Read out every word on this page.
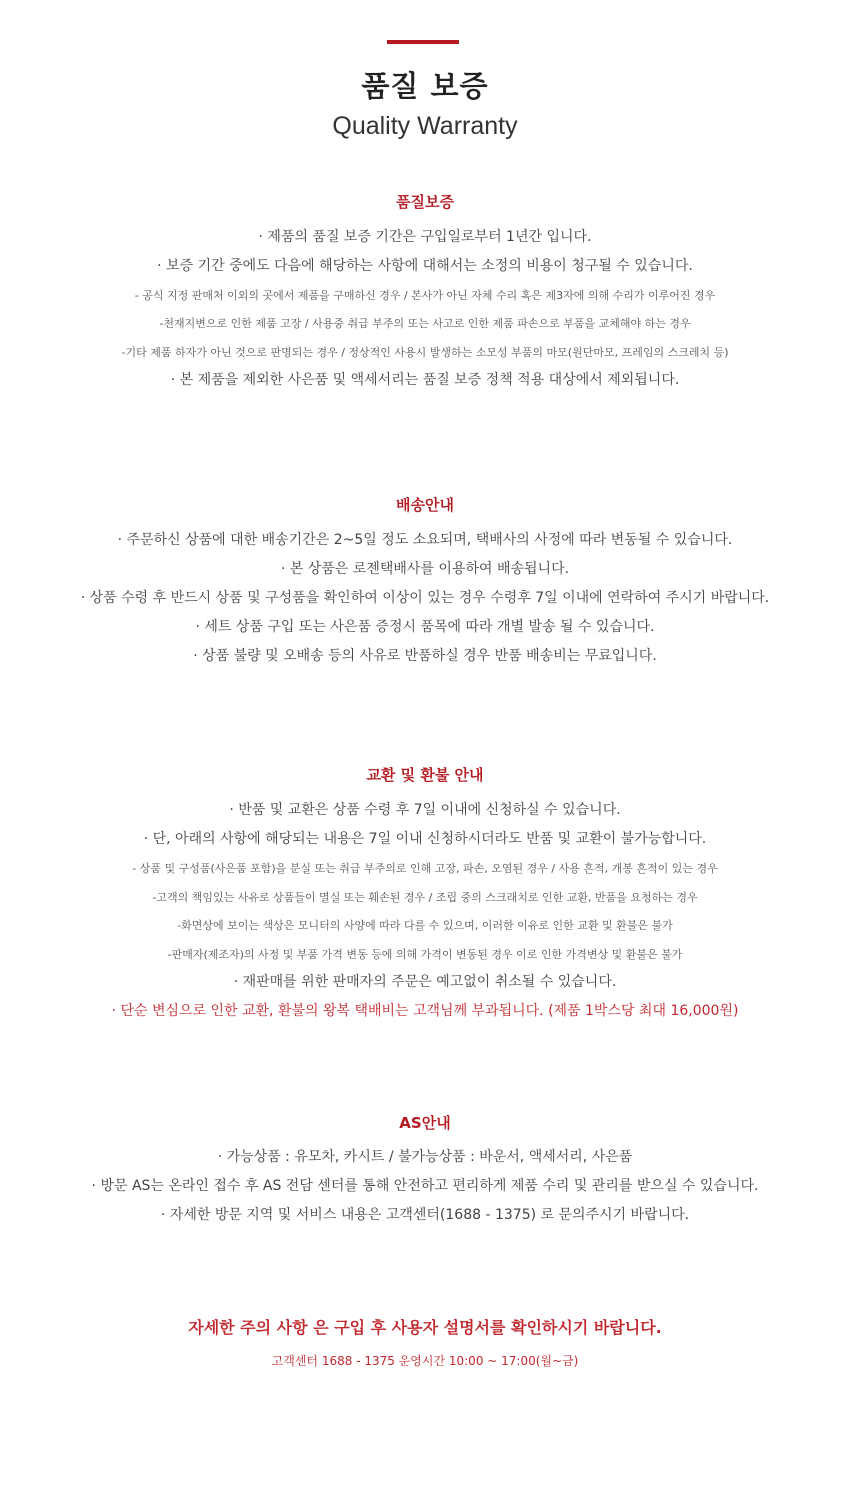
품질 보증
Quality Warranty
품질보증
· 제품의 품질 보증 기간은 구입일로부터 1년간 입니다.
· 보증 기간 중에도 다음에 해당하는 사항에 대해서는 소정의 비용이 청구될 수 있습니다.
- 공식 지정 판매처 이외의 곳에서 제품을 구매하신 경우 / 본사가 아닌 자체 수리 혹은 제3자에 의해 수리가 이루어진 경우
-천재지변으로 인한 제품 고장 / 사용중 취급 부주의 또는 사고로 인한 제품 파손으로 부품을 교체해야 하는 경우
-기타 제품 하자가 아닌 것으로 판명되는 경우 / 정상적인 사용시 발생하는 소모성 부품의 마모(원단마모, 프레임의 스크레치 등)
· 본 제품을 제외한 사은품 및 액세서리는 품질 보증 정책 적용 대상에서 제외됩니다.
배송안내
· 주문하신 상품에 대한 배송기간은 2~5일 정도 소요되며, 택배사의 사정에 따라 변동될 수 있습니다.
· 본 상품은 로젠택배사를 이용하여 배송됩니다.
· 상품 수령 후 반드시 상품 및 구성품을 확인하여 이상이 있는 경우 수령후 7일 이내에 연락하여 주시기 바랍니다.
· 세트 상품 구입 또는 사은품 증정시 품목에 따라 개별 발송 될 수 있습니다.
· 상품 불량 및 오배송 등의 사유로 반품하실 경우 반품 배송비는 무료입니다.
교환 및 환불 안내
· 반품 및 교환은 상품 수령 후 7일 이내에 신청하실 수 있습니다.
· 단, 아래의 사항에 해당되는 내용은 7일 이내 신청하시더라도 반품 및 교환이 불가능합니다.
- 상품 및 구성품(사은품 포함)을 분실 또는 취급 부주의로 인해 고장, 파손, 오염된 경우 / 사용 흔적, 개봉 흔적이 있는 경우
-고객의 책임있는 사유로 상품들이 멸실 또는 훼손된 경우 / 조립 중의 스크래치로 인한 교환, 반품을 요청하는 경우
-화면상에 보이는 색상은 모니터의 사양에 따라 다를 수 있으며, 이러한 이유로 인한 교환 및 환불은 불가
-판매자(제조자)의 사정 및 부품 가격 변동 등에 의해 가격이 변동된 경우 이로 인한 가격변상 및 환불은 불가
· 재판매를 위한 판매자의 주문은 예고없이 취소될 수 있습니다.
· 단순 변심으로 인한 교환, 환불의 왕복 택배비는 고객님께 부과됩니다. (제품 1박스당 최대 16,000원)
AS안내
· 가능상품 : 유모차, 카시트 / 불가능상품 : 바운서, 액세서리, 사은품
· 방문 AS는 온라인 접수 후 AS 전담 센터를 통해 안전하고 편리하게 제품 수리 및 관리를 받으실 수 있습니다.
· 자세한 방문 지역 및 서비스 내용은 고객센터(1688 - 1375) 로 문의주시기 바랍니다.
자세한 주의 사항 은 구입 후 사용자 설명서를 확인하시기 바랍니다.
고객센터 1688 - 1375 운영시간 10:00 ~ 17:00(월~금)
